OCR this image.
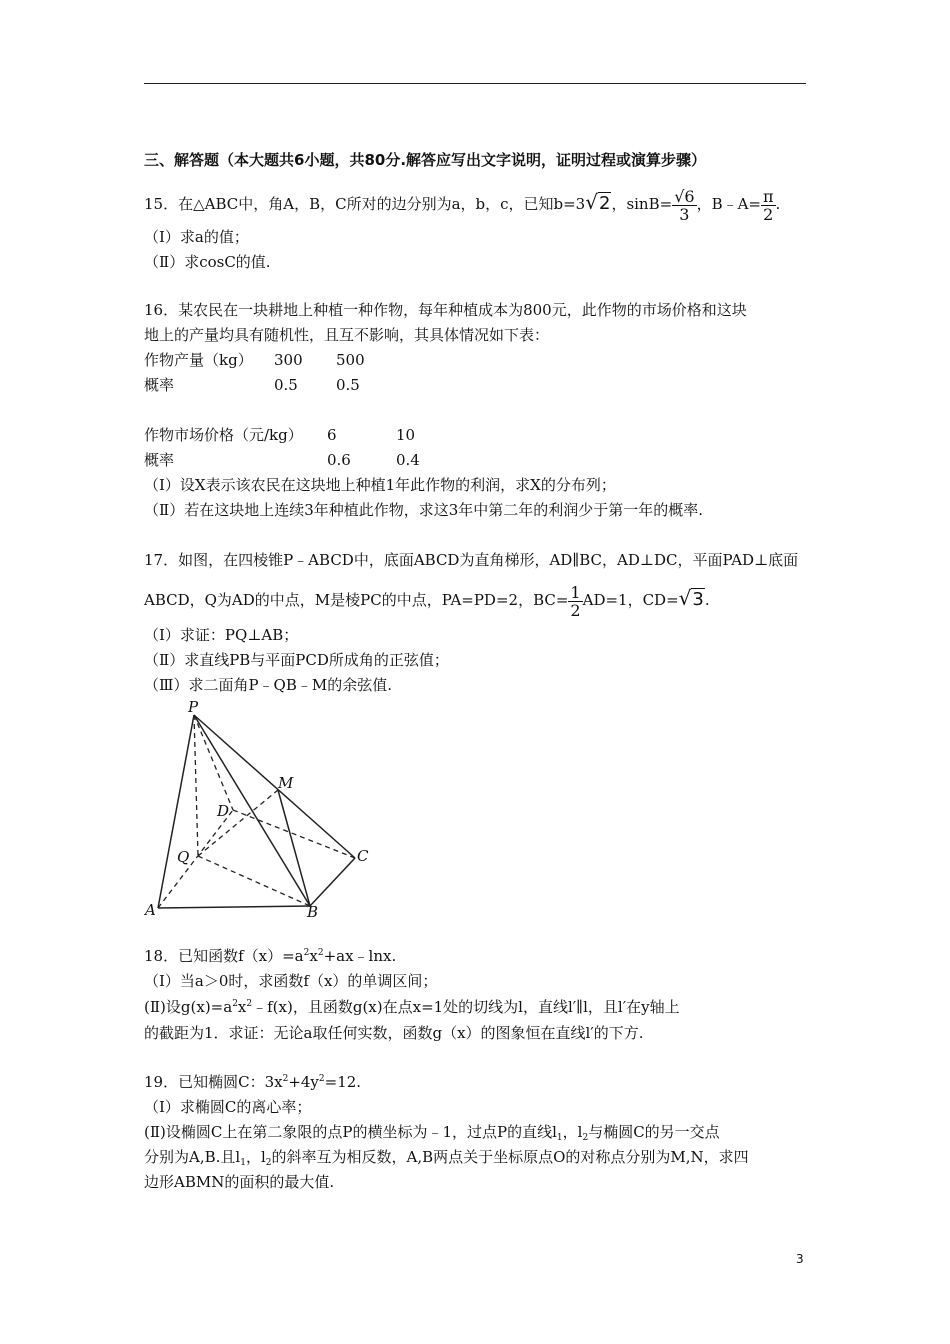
三、解答题（本大题共6小题，共80分.解答应写出文字说明，证明过程或演算步骤）
15．在△ABC中，角A，B，C所对的边分别为a，b，c，已知b=3√2，$\sin B= \frac{√6}{3}$ ，B﹣A= $\frac{\pi}{2}$ .
（I）求a的值；
（Ⅱ）求cosC的值.
16．某农民在一块耕地上种植一种作物，每年种植成本为800元，此作物的市场价格和这块
地上的产量均具有随机性，且互不影响，其具体情况如下表：
作物产量（kg） 300 500
概率	0.5	0.5
作物市场价格（元/kg） 6	10
概率	0.6	0.4
（Ⅰ）设X表示该农民在这块地上种植1年此作物的利润，求X的分布列；
（Ⅱ）若在这块地上连续3年种植此作物，求这3年中第二年的利润少于第一年的概率.
17．如图，在四棱锥P﹣ABCD中，底面ABCD为直角梯形，AD∥BC，AD⊥DC，平面PAD⊥底面
ABCD，Q为AD的中点，M是棱PC的中点，PA=PD=2，$BC= \frac{1}{2} AD=1$，CD=√3.
（Ⅰ）求证：PQ⊥AB；
（Ⅱ）求直线PB与平面PCD所成角的正弦值；
（Ⅲ）求二面角P﹣QB﹣M的余弦值.
P
M
D
C
Q
A	B
18．已知函数$f(x)=a^2x^2+ax﹣\ln x$.
（Ⅰ）当a＞0时，求函数f（x）的单调区间；
(Ⅱ)设$g(x)=a^2x^2﹣f(x)$，且函数g(x)在点x=1处的切线为l，直线l′∥l，且l′在y轴上
的截距为1．求证：无论a取任何实数，函数g（x）的图象恒在直线l′的下方.
19．已知椭圆C：$3x^2+4y^2=12$.
（Ⅰ）求椭圆C的离心率；
(Ⅱ)设椭圆C上在第二象限的点P的横坐标为﹣1，过点P的直线$l_1$，$l_2$与椭圆C的另一交点
分别为A,B.且$l_1$，$l_2$的斜率互为相反数，A,B两点关于坐标原点O的对称点分别为M,N，求四
边形ABMN的面积的最大值.
3
